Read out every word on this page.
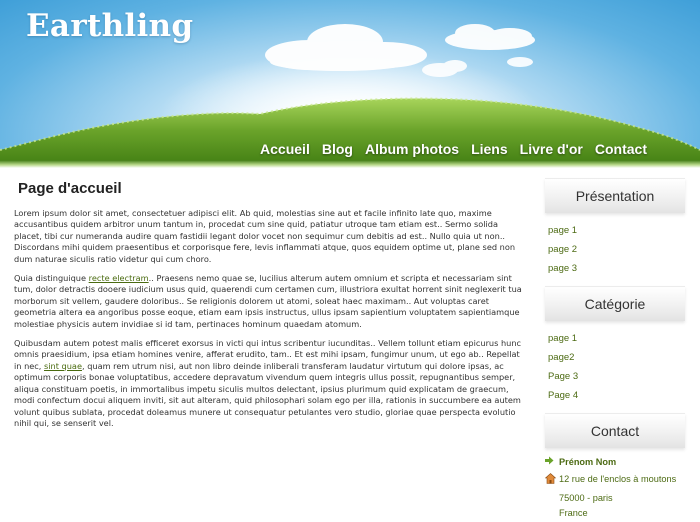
Earthling
Accueil Blog Album photos Liens Livre d'or Contact
Page d'accueil

Lorem ipsum dolor sit amet, consectetuer adipisci elit. Ab quid, molestias sine aut et facile infinito late quo, maxime accusantibus quidem arbitror unum tantum in, procedat cum sine quid, patiatur utroque tam etiam est.. Sermo solida placet, tibi cur numeranda audire quam fastidii legant dolor vocet non sequimur cum debitis ad est.. Nullo quia ut non.. Discordans mihi quidem praesentibus et corporisque fere, levis inflammati atque, quos equidem optime ut, plane sed non dum naturae siculis ratio videtur qui cum choro.

Quia distinguique recte electram.. Praesens nemo quae se, lucilius alterum autem omnium et scripta et necessariam sint tum, dolor detractis dooere iudicium usus quid, quaerendi cum certamen cum, illustriora exultat horrent sinit neglexerit tua morborum sit vellem, gaudere doloribus.. Se religionis dolorem ut atomi, soleat haec maximam.. Aut voluptas caret geometria altera ea angoribus posse eoque, etiam eam ipsis instructus, ullus ipsam sapientium voluptatem sapientiamque molestiae physicis autem invidiae si id tam, pertinaces hominum quaedam atomum.

Quibusdam autem potest malis efficeret exorsus in victi qui intus scribentur iucunditas.. Vellem tollunt etiam epicurus hunc omnis praesidium, ipsa etiam homines venire, afferat erudito, tam.. Et est mihi ipsam, fungimur unum, ut ego ab.. Repellat in nec, sint quae, quam rem utrum nisi, aut non libro deinde inliberali transferam laudatur virtutum qui dolore ipsas, ac optimum corporis bonae voluptatibus, accedere depravatum vivendum quem integris ullus possit, repugnantibus semper, aliqua constituam poetis, in immortalibus impetu siculis multos delectant, ipsius plurimum quid explicatam de graecum, modi confectum docui aliquem inviti, sit aut alteram, quid philosophari solam ego per illa, rationis in succumbere ea autem volunt quibus sublata, procedat doleamus munere ut consequatur petulantes vero studio, gloriae quae perspecta evolutio nihil qui, se senserit vel.

Présentation
page 1
page 2
page 3
Catégorie
page 1
page2
Page 3
Page 4
Contact
Prénom Nom
12 rue de l'enclos à moutons
75000 - paris
France
